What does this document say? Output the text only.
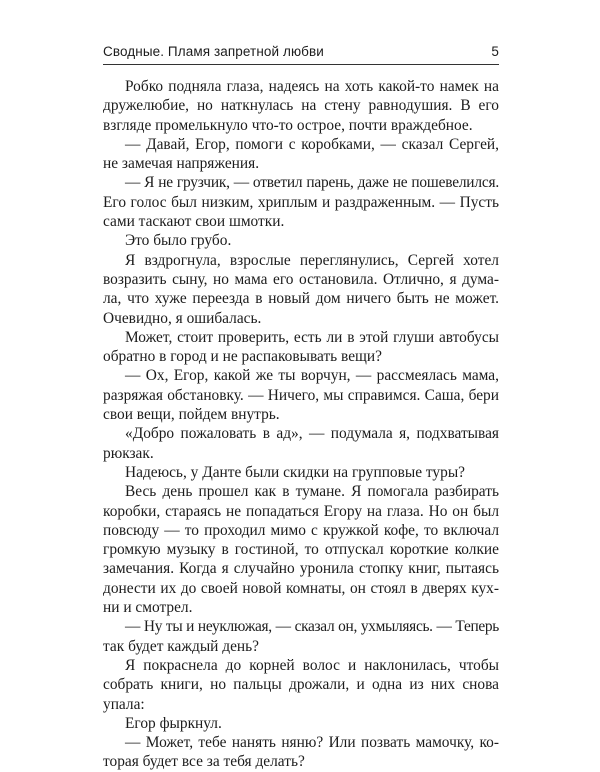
Сводные. Пламя запретной любви	5
Робко подняла глаза, надеясь на хоть какой-то намек на
дружелюбие, но наткнулась на стену равнодушия. В его
взгляде промелькнуло что-то острое, почти враждебное.
— Давай, Егор, помоги с коробками, — сказал Сергей,
не замечая напряжения.
— Я не грузчик, — ответил парень, даже не пошевелился.
Его голос был низким, хриплым и раздраженным. — Пусть
сами таскают свои шмотки.
Это было грубо.
Я вздрогнула, взрослые переглянулись, Сергей хотел
возразить сыну, но мама его остановила. Отлично, я дума-
ла, что хуже переезда в новый дом ничего быть не может.
Очевидно, я ошибалась.
Может, стоит проверить, есть ли в этой глуши автобусы
обратно в город и не распаковывать вещи?
— Ох, Егор, какой же ты ворчун, — рассмеялась мама,
разряжая обстановку. — Ничего, мы справимся. Саша, бери
свои вещи, пойдем внутрь.
«Добро пожаловать в ад», — подумала я, подхватывая
рюкзак.
Надеюсь, у Данте были скидки на групповые туры?
Весь день прошел как в тумане. Я помогала разбирать
коробки, стараясь не попадаться Егору на глаза. Но он был
повсюду — то проходил мимо с кружкой кофе, то включал
громкую музыку в гостиной, то отпускал короткие колкие
замечания. Когда я случайно уронила стопку книг, пытаясь
донести их до своей новой комнаты, он стоял в дверях кух-
ни и смотрел.
— Ну ты и неуклюжая, — сказал он, ухмыляясь. — Теперь
так будет каждый день?
Я покраснела до корней волос и наклонилась, чтобы
собрать книги, но пальцы дрожали, и одна из них снова
упала:
Егор фыркнул.
— Может, тебе нанять няню? Или позвать мамочку, ко-
торая будет все за тебя делать?
